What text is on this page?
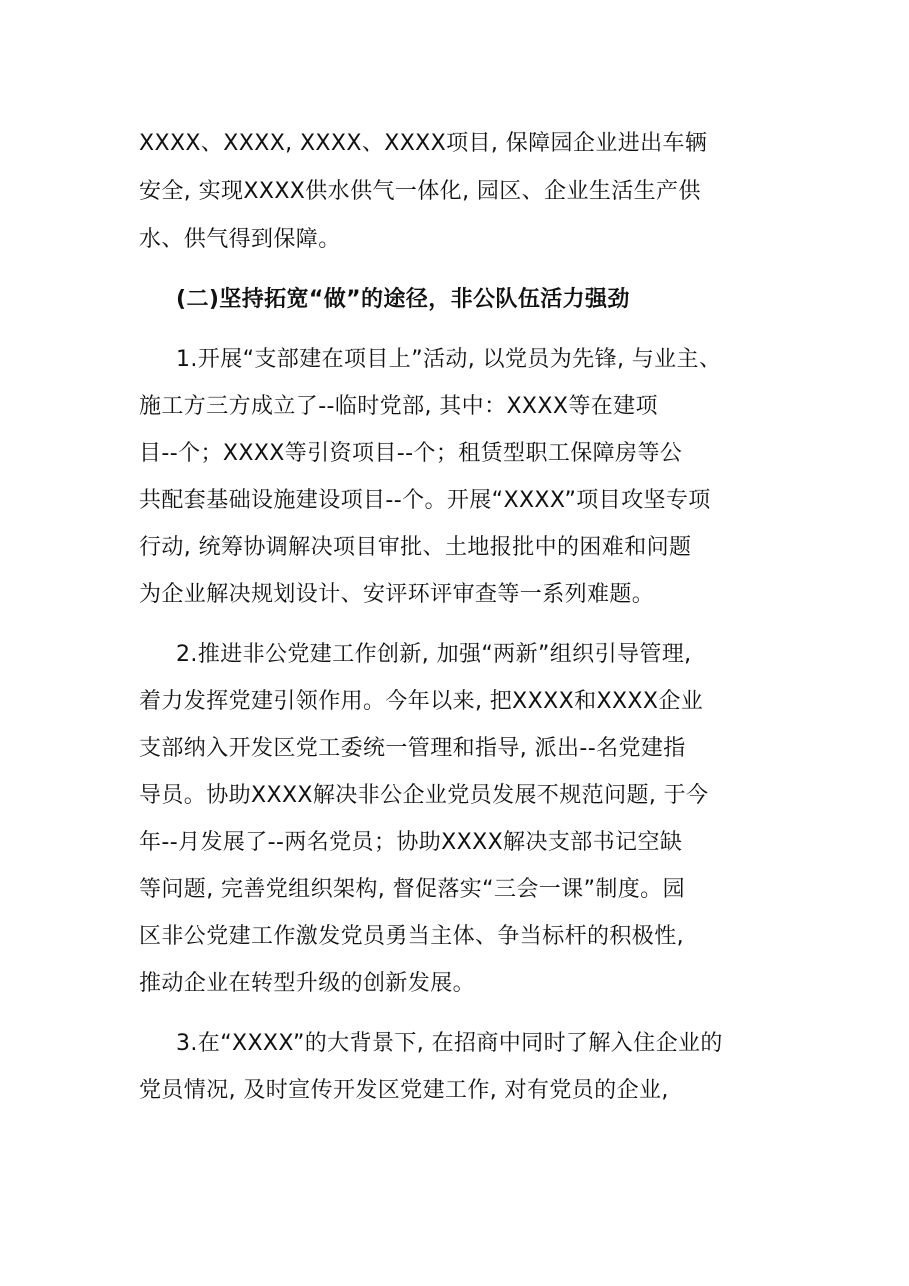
XXXX、XXXX, XXXX、XXXX项目, 保障园企业进出车辆
安全, 实现XXXX供水供气一体化, 园区、企业生活生产供
水、供气得到保障。
(二)坚持拓宽“做”的途径，非公队伍活力强劲
1.开展“支部建在项目上”活动, 以党员为先锋, 与业主、
施工方三方成立了--临时党部, 其中：XXXX等在建项
目--个；XXXX等引资项目--个；租赁型职工保障房等公
共配套基础设施建设项目--个。开展“XXXX”项目攻坚专项
行动, 统筹协调解决项目审批、土地报批中的困难和问题
为企业解决规划设计、安评环评审查等一系列难题。
2.推进非公党建工作创新, 加强“两新”组织引导管理,
着力发挥党建引领作用。今年以来, 把XXXX和XXXX企业
支部纳入开发区党工委统一管理和指导, 派出--名党建指
导员。协助XXXX解决非公企业党员发展不规范问题, 于今
年--月发展了--两名党员；协助XXXX解决支部书记空缺
等问题, 完善党组织架构, 督促落实“三会一课”制度。园
区非公党建工作激发党员勇当主体、争当标杆的积极性,
推动企业在转型升级的创新发展。
3.在“XXXX”的大背景下, 在招商中同时了解入住企业的
党员情况, 及时宣传开发区党建工作, 对有党员的企业,
